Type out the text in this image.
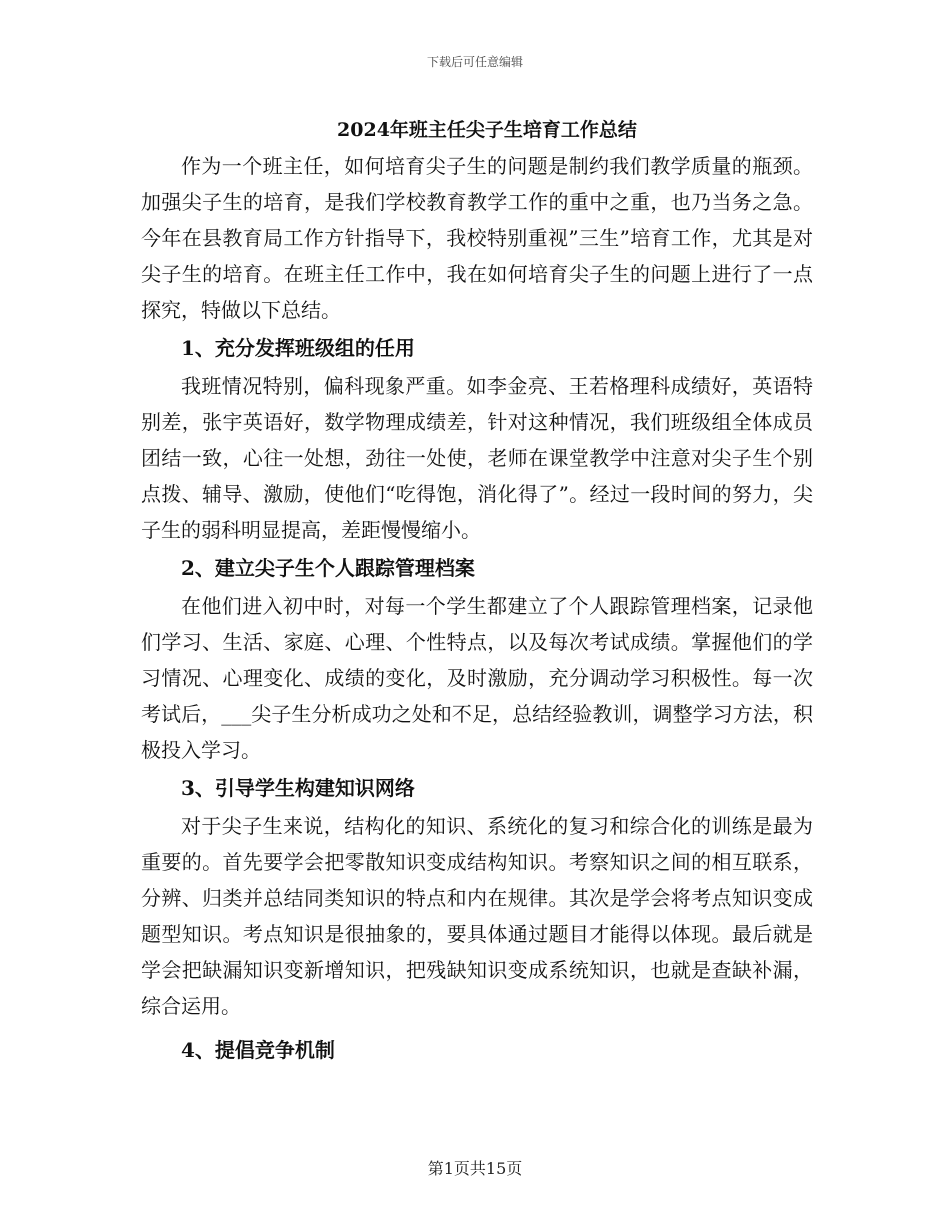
下载后可任意编辑
2024年班主任尖子生培育工作总结

作为一个班主任，如何培育尖子生的问题是制约我们教学质量的瓶颈。加强尖子生的培育，是我们学校教育教学工作的重中之重，也乃当务之急。今年在县教育局工作方针指导下，我校特别重视”三生”培育工作，尤其是对尖子生的培育。在班主任工作中，我在如何培育尖子生的问题上进行了一点探究，特做以下总结。

1、充分发挥班级组的任用

我班情况特别，偏科现象严重。如李金亮、王若格理科成绩好，英语特别差，张宇英语好，数学物理成绩差，针对这种情况，我们班级组全体成员团结一致，心往一处想，劲往一处使，老师在课堂教学中注意对尖子生个别点拨、辅导、激励，使他们“吃得饱，消化得了”。经过一段时间的努力，尖子生的弱科明显提高，差距慢慢缩小。

2、建立尖子生个人跟踪管理档案

在他们进入初中时，对每一个学生都建立了个人跟踪管理档案，记录他们学习、生活、家庭、心理、个性特点，以及每次考试成绩。掌握他们的学习情况、心理变化、成绩的变化，及时激励，充分调动学习积极性。每一次考试后，___尖子生分析成功之处和不足，总结经验教训，调整学习方法，积极投入学习。

3、引导学生构建知识网络

对于尖子生来说，结构化的知识、系统化的复习和综合化的训练是最为重要的。首先要学会把零散知识变成结构知识。考察知识之间的相互联系，分辨、归类并总结同类知识的特点和内在规律。其次是学会将考点知识变成题型知识。考点知识是很抽象的，要具体通过题目才能得以体现。最后就是学会把缺漏知识变新增知识，把残缺知识变成系统知识，也就是查缺补漏，综合运用。

4、提倡竞争机制

第1页共15页
